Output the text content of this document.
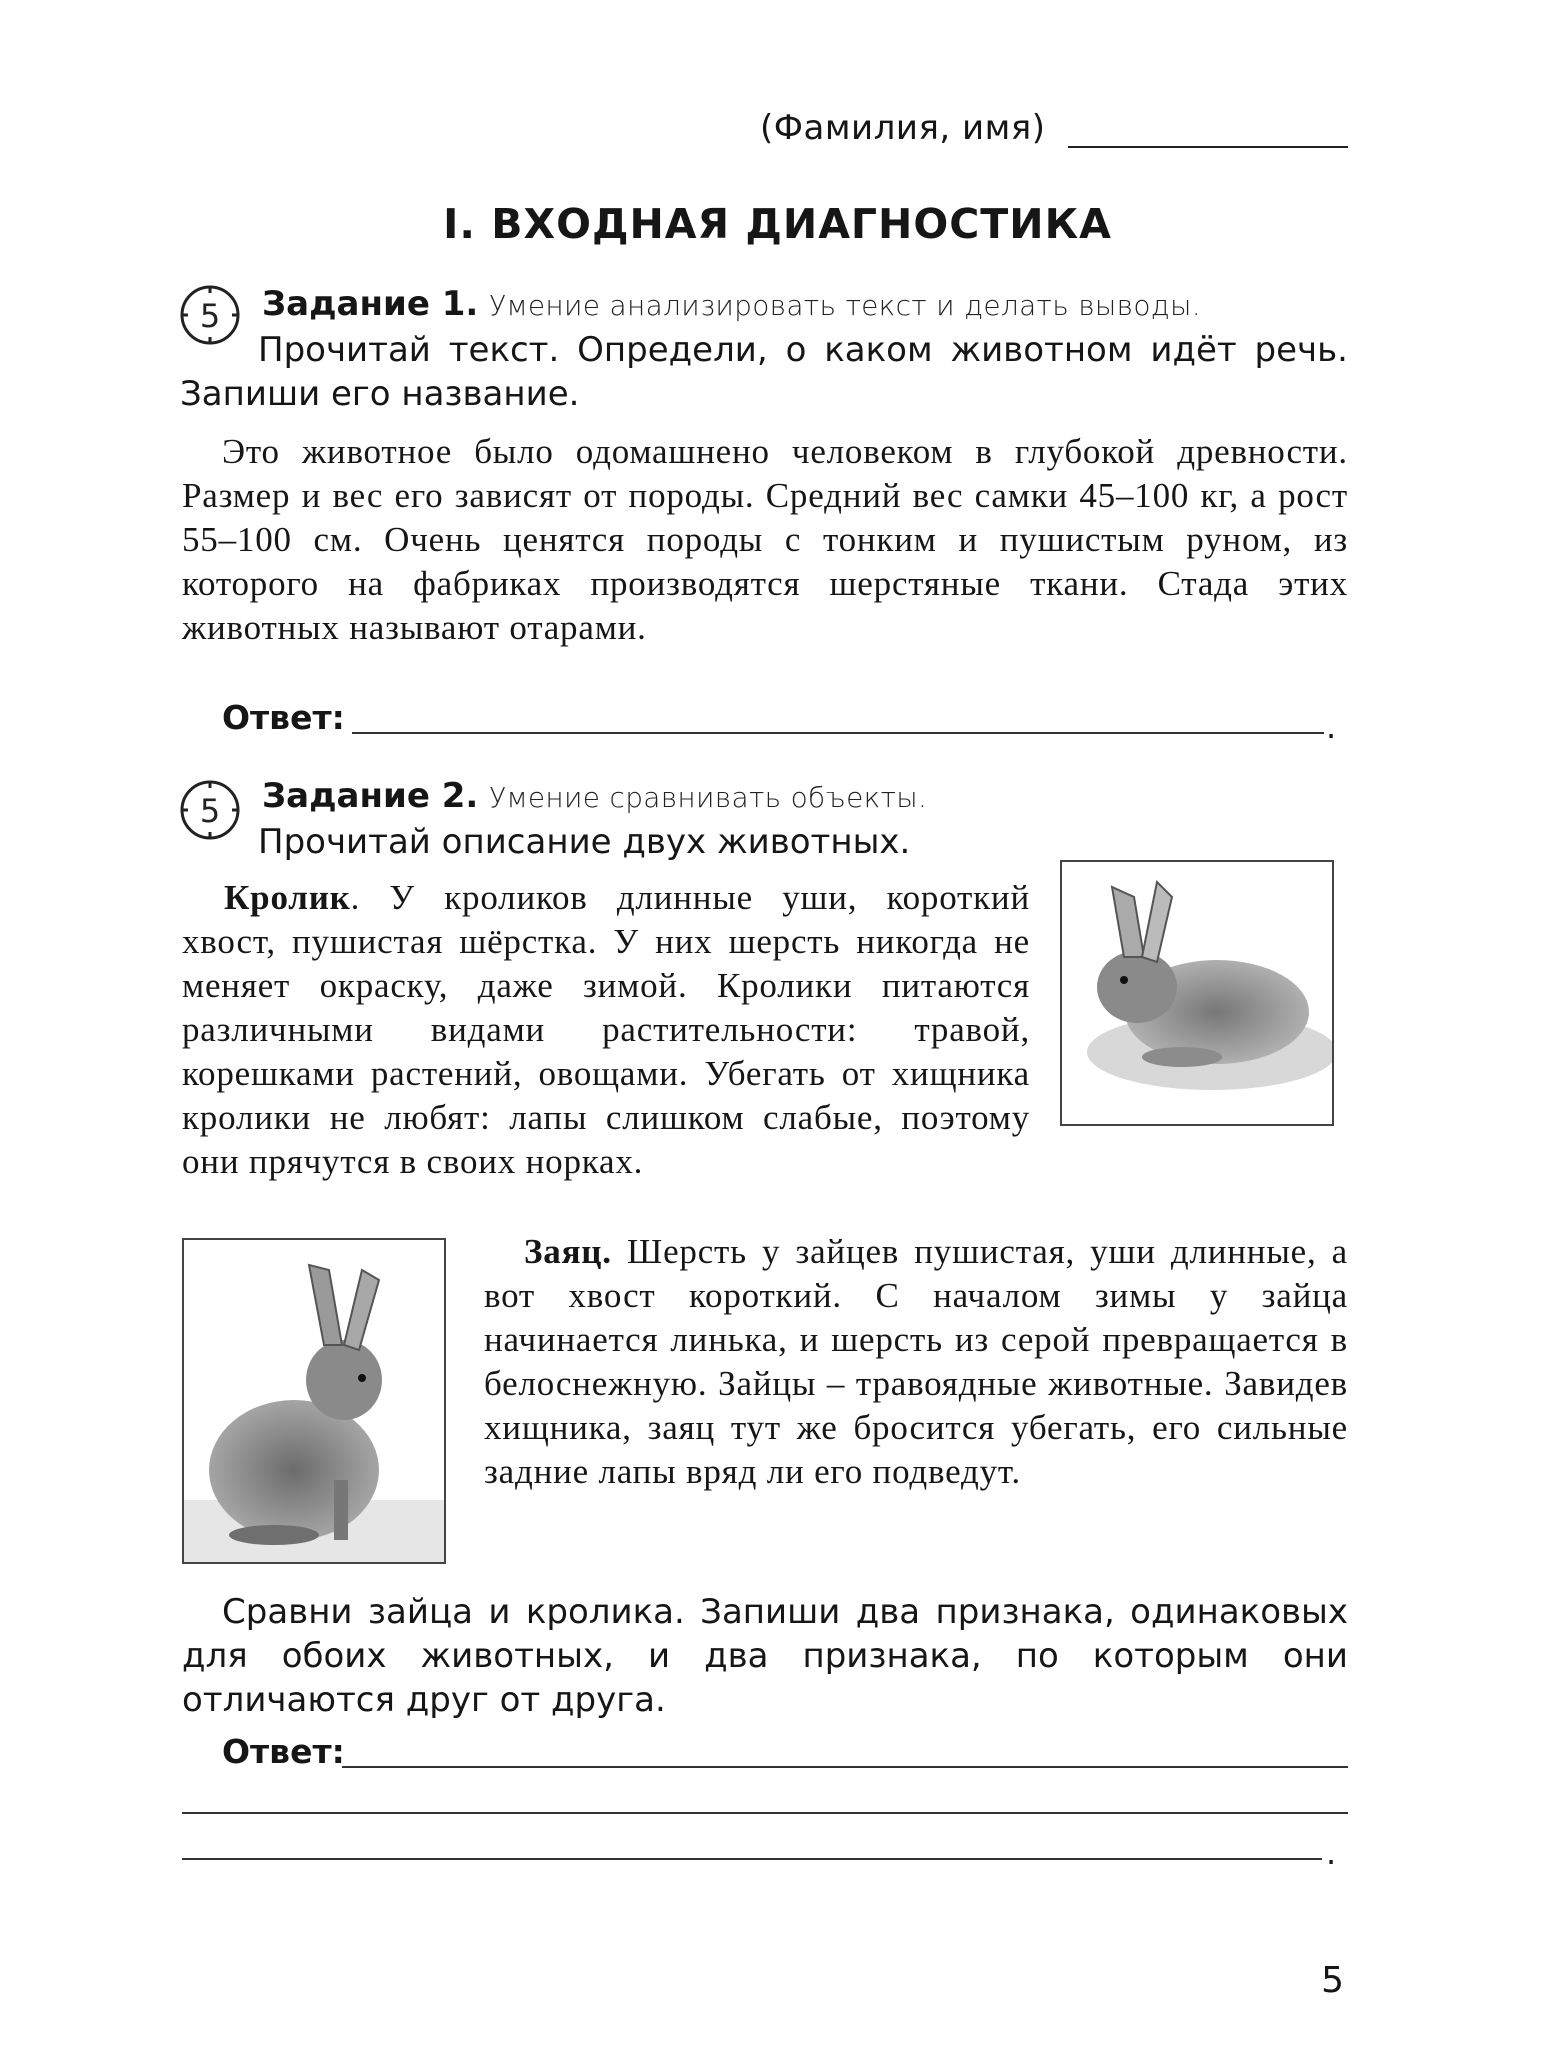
(Фамилия, имя)
I. ВХОДНАЯ ДИАГНОСТИКА
5 Задание 1. Умение анализировать текст и делать выводы.
Прочитай текст. Определи, о каком животном идёт речь.
Запиши его название.
Это животное было одомашнено человеком в глубокой древности. Размер и вес его зависят от породы. Средний вес самки 45–100 кг, а рост 55–100 см. Очень ценятся породы с тонким и пушистым руном, из которого на фабриках производятся шерстяные ткани. Стада этих животных называют отарами.
Ответ:	.
5 Задание 2. Умение сравнивать объекты.
Прочитай описание двух животных.
Кролик. У кроликов длинные уши, короткий хвост, пушистая шёрстка. У них шерсть никогда не меняет окраску, даже зимой. Кролики питаются различными видами растительности: травой, корешками растений, овощами. Убегать от хищника кролики не любят: лапы слишком слабые, поэтому они прячутся в своих норках.
Заяц. Шерсть у зайцев пушистая, уши длинные, а вот хвост короткий. С началом зимы у зайца начинается линька, и шерсть из серой превращается в белоснежную. Зайцы – травоядные животные. Завидев хищника, заяц тут же бросится убегать, его сильные задние лапы вряд ли его подведут.
Сравни зайца и кролика. Запиши два признака, одинаковых для обоих животных, и два признака, по которым они отличаются друг от друга.
Ответ:
.
5
